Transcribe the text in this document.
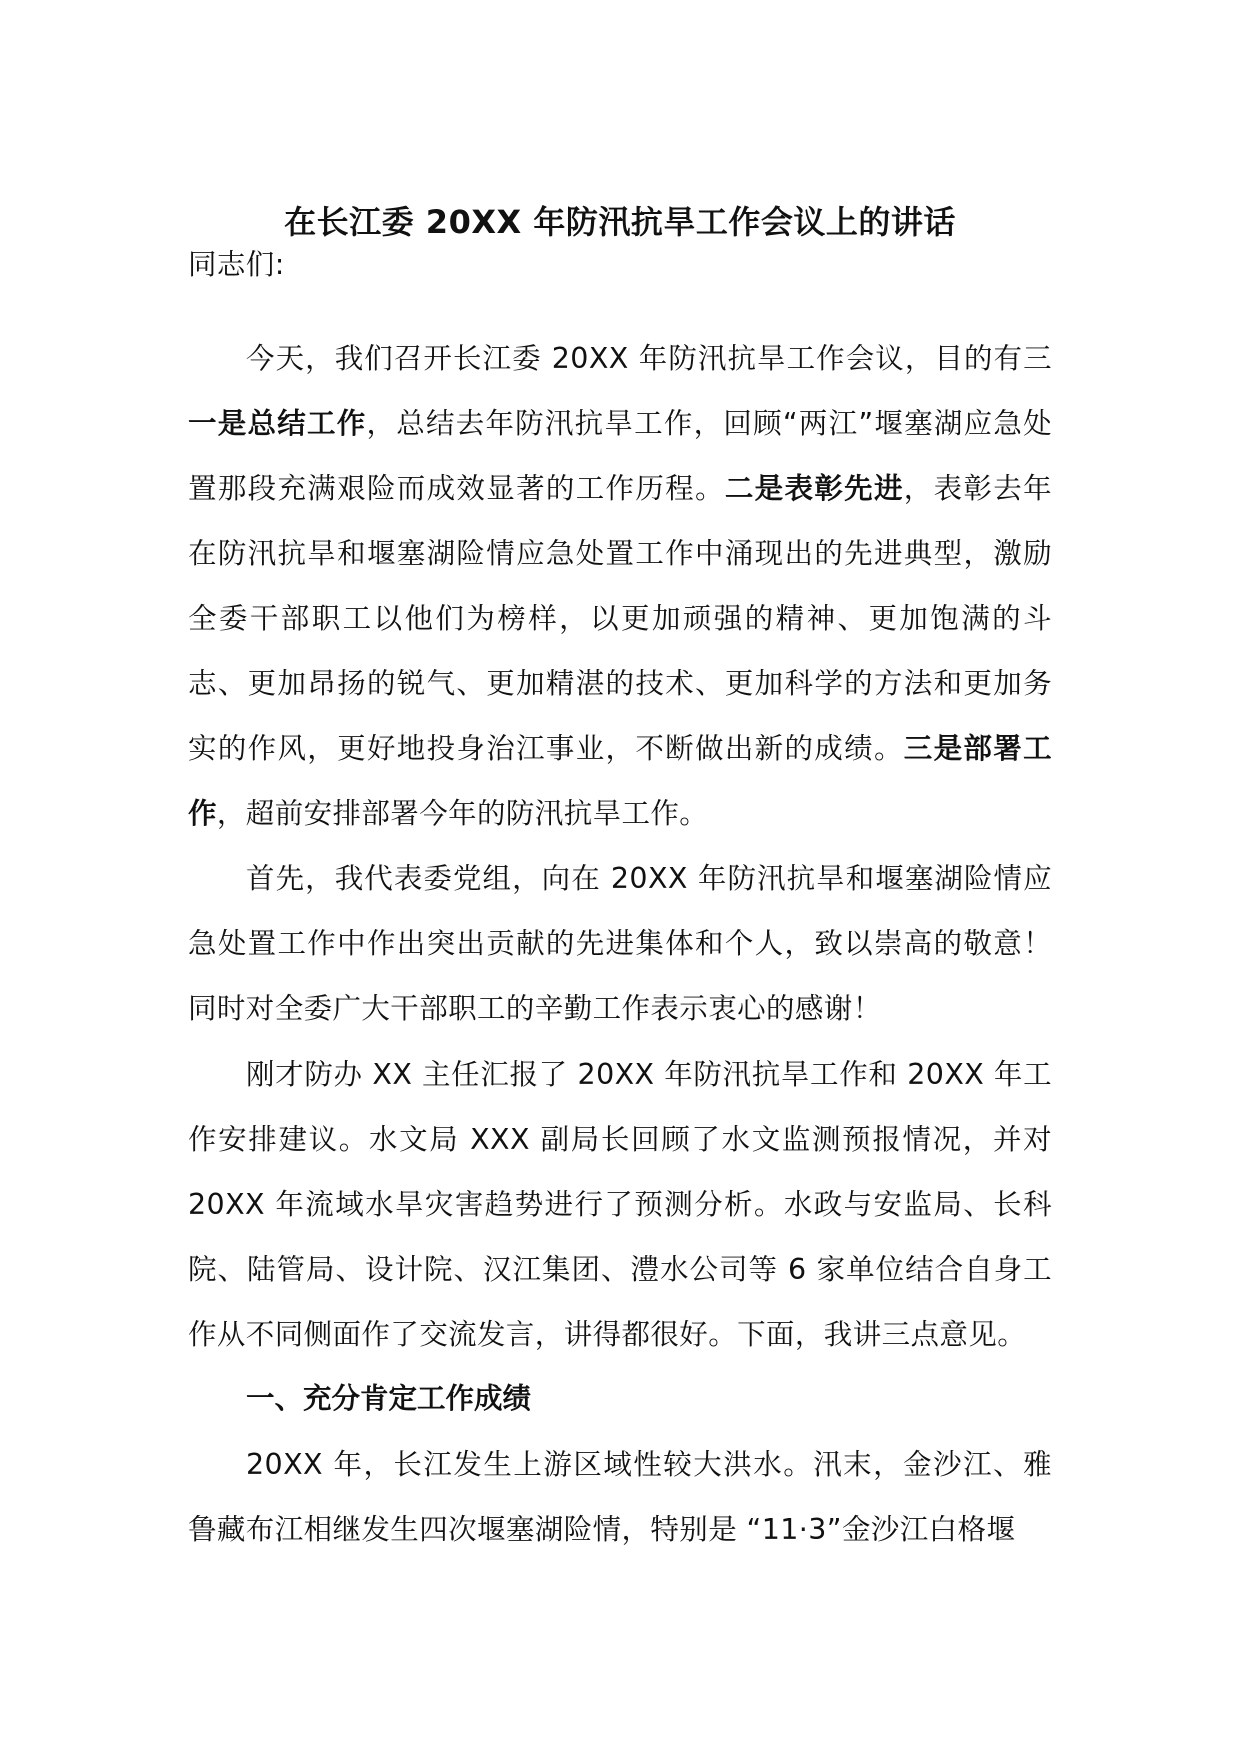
在长江委 20XX 年防汛抗旱工作会议上的讲话
同志们:
今天，我们召开长江委 20XX 年防汛抗旱工作会议，目的有三一是总结工作，总结去年防汛抗旱工作，回顾“两江”堰塞湖应急处置那段充满艰险而成效显著的工作历程。二是表彰先进，表彰去年在防汛抗旱和堰塞湖险情应急处置工作中涌现出的先进典型，激励全委干部职工以他们为榜样，以更加顽强的精神、更加饱满的斗志、更加昂扬的锐气、更加精湛的技术、更加科学的方法和更加务实的作风，更好地投身治江事业，不断做出新的成绩。三是部署工作，超前安排部署今年的防汛抗旱工作。
首先，我代表委党组，向在 20XX 年防汛抗旱和堰塞湖险情应急处置工作中作出突出贡献的先进集体和个人，致以崇高的敬意！同时对全委广大干部职工的辛勤工作表示衷心的感谢！
刚才防办 XX 主任汇报了 20XX 年防汛抗旱工作和 20XX 年工作安排建议。水文局 XXX 副局长回顾了水文监测预报情况，并对 20XX 年流域水旱灾害趋势进行了预测分析。水政与安监局、长科院、陆管局、设计院、汉江集团、澧水公司等 6 家单位结合自身工作从不同侧面作了交流发言，讲得都很好。下面，我讲三点意见。
一、充分肯定工作成绩
20XX 年，长江发生上游区域性较大洪水。汛末，金沙江、雅鲁藏布江相继发生四次堰塞湖险情，特别是 “11·3”金沙江白格堰
